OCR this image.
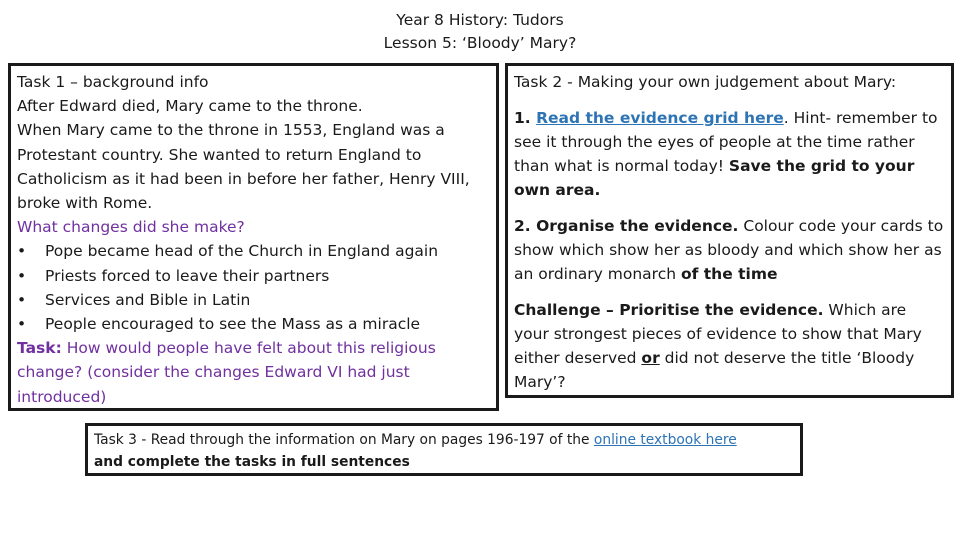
Year 8 History: Tudors
Lesson 5: ‘Bloody’ Mary?
Task 1 – background info
After Edward died, Mary came to the throne.
When Mary came to the throne in 1553, England was a Protestant country. She wanted to return England to Catholicism as it had been in before her father, Henry VIII, broke with Rome.
What changes did she make?
• Pope became head of the Church in England again
• Priests forced to leave their partners
• Services and Bible in Latin
• People encouraged to see the Mass as a miracle
Task: How would people have felt about this religious change? (consider the changes Edward VI had just introduced)
Task 2 - Making your own judgement about Mary:
1. Read the evidence grid here. Hint- remember to see it through the eyes of people at the time rather than what is normal today! Save the grid to your own area.
2. Organise the evidence. Colour code your cards to show which show her as bloody and which show her as an ordinary monarch of the time
Challenge – Prioritise the evidence. Which are your strongest pieces of evidence to show that Mary either deserved or did not deserve the title ‘Bloody Mary’?
Task 3 - Read through the information on Mary on pages 196-197 of the online textbook here
and complete the tasks in full sentences
